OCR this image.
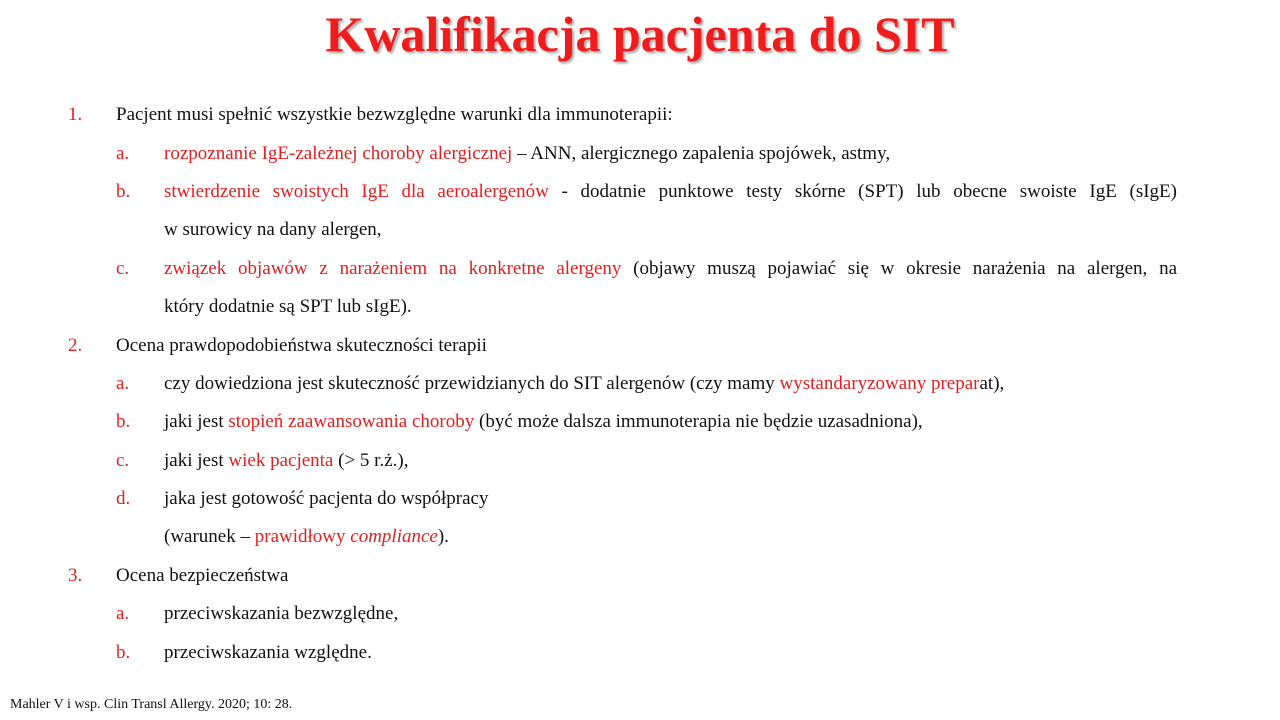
Kwalifikacja pacjenta do SIT
1. Pacjent musi spełnić wszystkie bezwzględne warunki dla immunoterapii:
a. rozpoznanie IgE-zależnej choroby alergicznej – ANN, alergicznego zapalenia spojówek, astmy,
b. stwierdzenie swoistych IgE dla aeroalergenów - dodatnie punktowe testy skórne (SPT) lub obecne swoiste IgE (sIgE)
w surowicy na dany alergen,
c. związek objawów z narażeniem na konkretne alergeny (objawy muszą pojawiać się w okresie narażenia na alergen, na
który dodatnie są SPT lub sIgE).
2. Ocena prawdopodobieństwa skuteczności terapii
a. czy dowiedziona jest skuteczność przewidzianych do SIT alergenów (czy mamy wystandaryzowany preparat),
b. jaki jest stopień zaawansowania choroby (być może dalsza immunoterapia nie będzie uzasadniona),
c. jaki jest wiek pacjenta (> 5 r.ż.),
d. jaka jest gotowość pacjenta do współpracy
(warunek – prawidłowy compliance).
3. Ocena bezpieczeństwa
a. przeciwskazania bezwzględne,
b. przeciwskazania względne.
Mahler V i wsp. Clin Transl Allergy. 2020; 10: 28.
